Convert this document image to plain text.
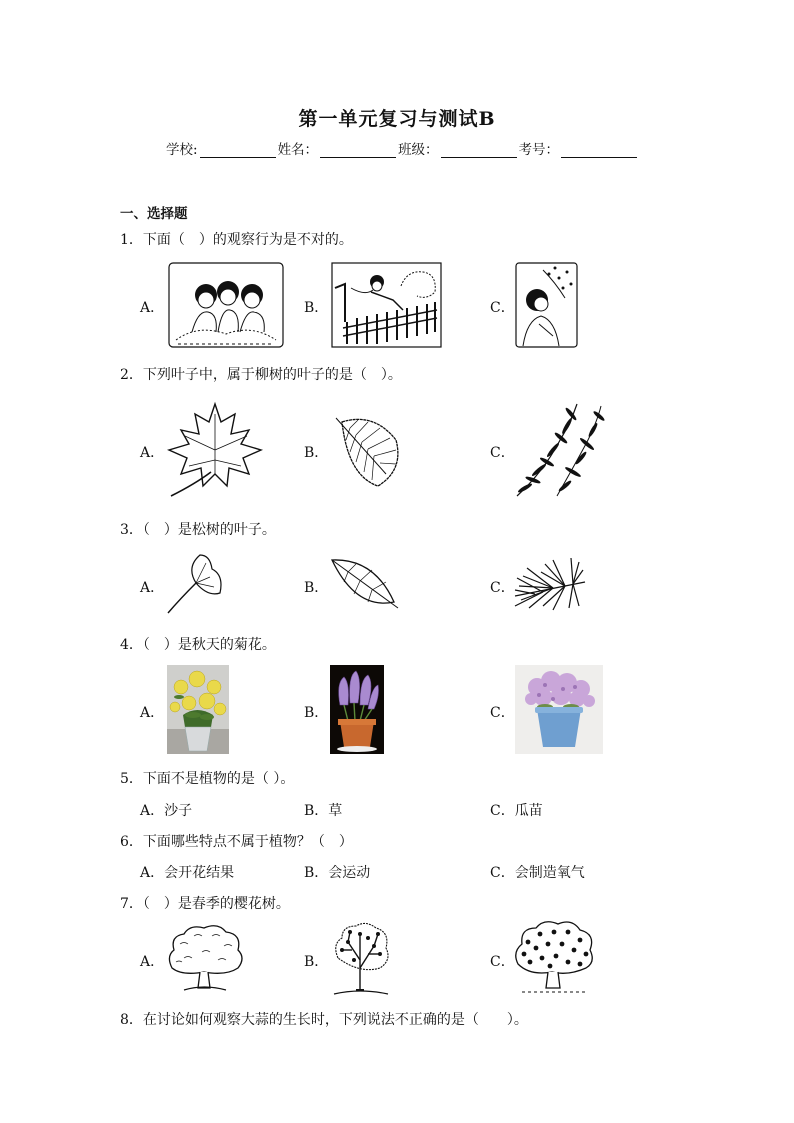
第一单元复习与测试B
学校:	姓名：	班级：	考号：
一、选择题
1．下面（　）的观察行为是不对的。
A．	B．	C．
2．下列叶子中，属于柳树的叶子的是（　）。
A．	B．	C．
3．（　）是松树的叶子。
A．	B．	C．
4．（　）是秋天的菊花。
A．	B．	C．
5．下面不是植物的是（ ）。
A．沙子	B．草	C．瓜苗
6．下面哪些特点不属于植物？（　）
A．会开花结果	B．会运动	C．会制造氧气
7．（　）是春季的樱花树。
A．	B．	C．
8．在讨论如何观察大蒜的生长时，下列说法不正确的是（　　）。
